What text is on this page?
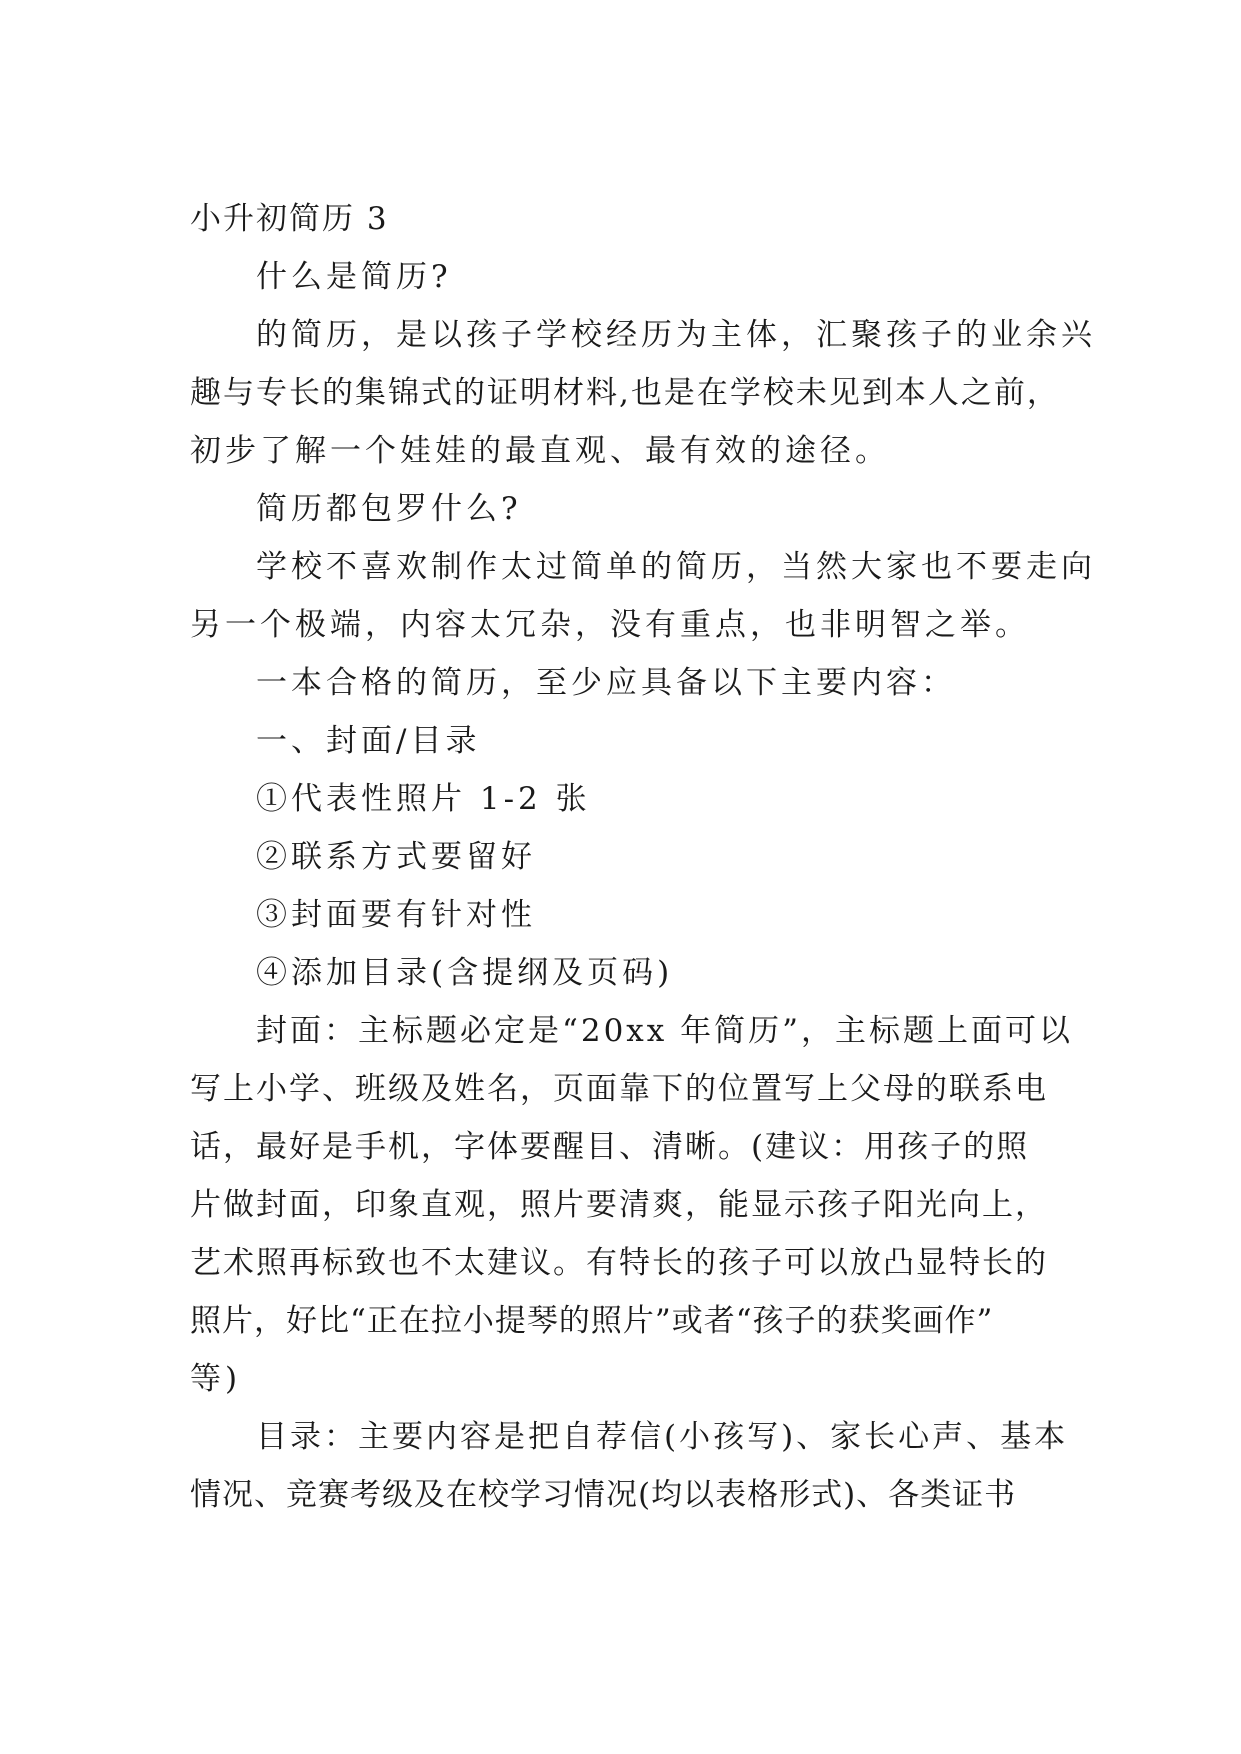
小升初简历 3

什么是简历?

的简历，是以孩子学校经历为主体，汇聚孩子的业余兴
趣与专长的集锦式的证明材料,也是在学校未见到本人之前，
初步了解一个娃娃的最直观、最有效的途径。

简历都包罗什么?

学校不喜欢制作太过简单的简历，当然大家也不要走向
另一个极端，内容太冗杂，没有重点，也非明智之举。

一本合格的简历，至少应具备以下主要内容：

一、封面/目录

①代表性照片 1-2 张

②联系方式要留好

③封面要有针对性

④添加目录(含提纲及页码)

封面：主标题必定是“20xx 年简历”，主标题上面可以
写上小学、班级及姓名，页面靠下的位置写上父母的联系电
话，最好是手机，字体要醒目、清晰。(建议：用孩子的照
片做封面，印象直观，照片要清爽，能显示孩子阳光向上，
艺术照再标致也不太建议。有特长的孩子可以放凸显特长的
照片，好比“正在拉小提琴的照片”或者“孩子的获奖画作”
等)
目录：主要内容是把自荐信(小孩写)、家长心声、基本
情况、竞赛考级及在校学习情况(均以表格形式)、各类证书
